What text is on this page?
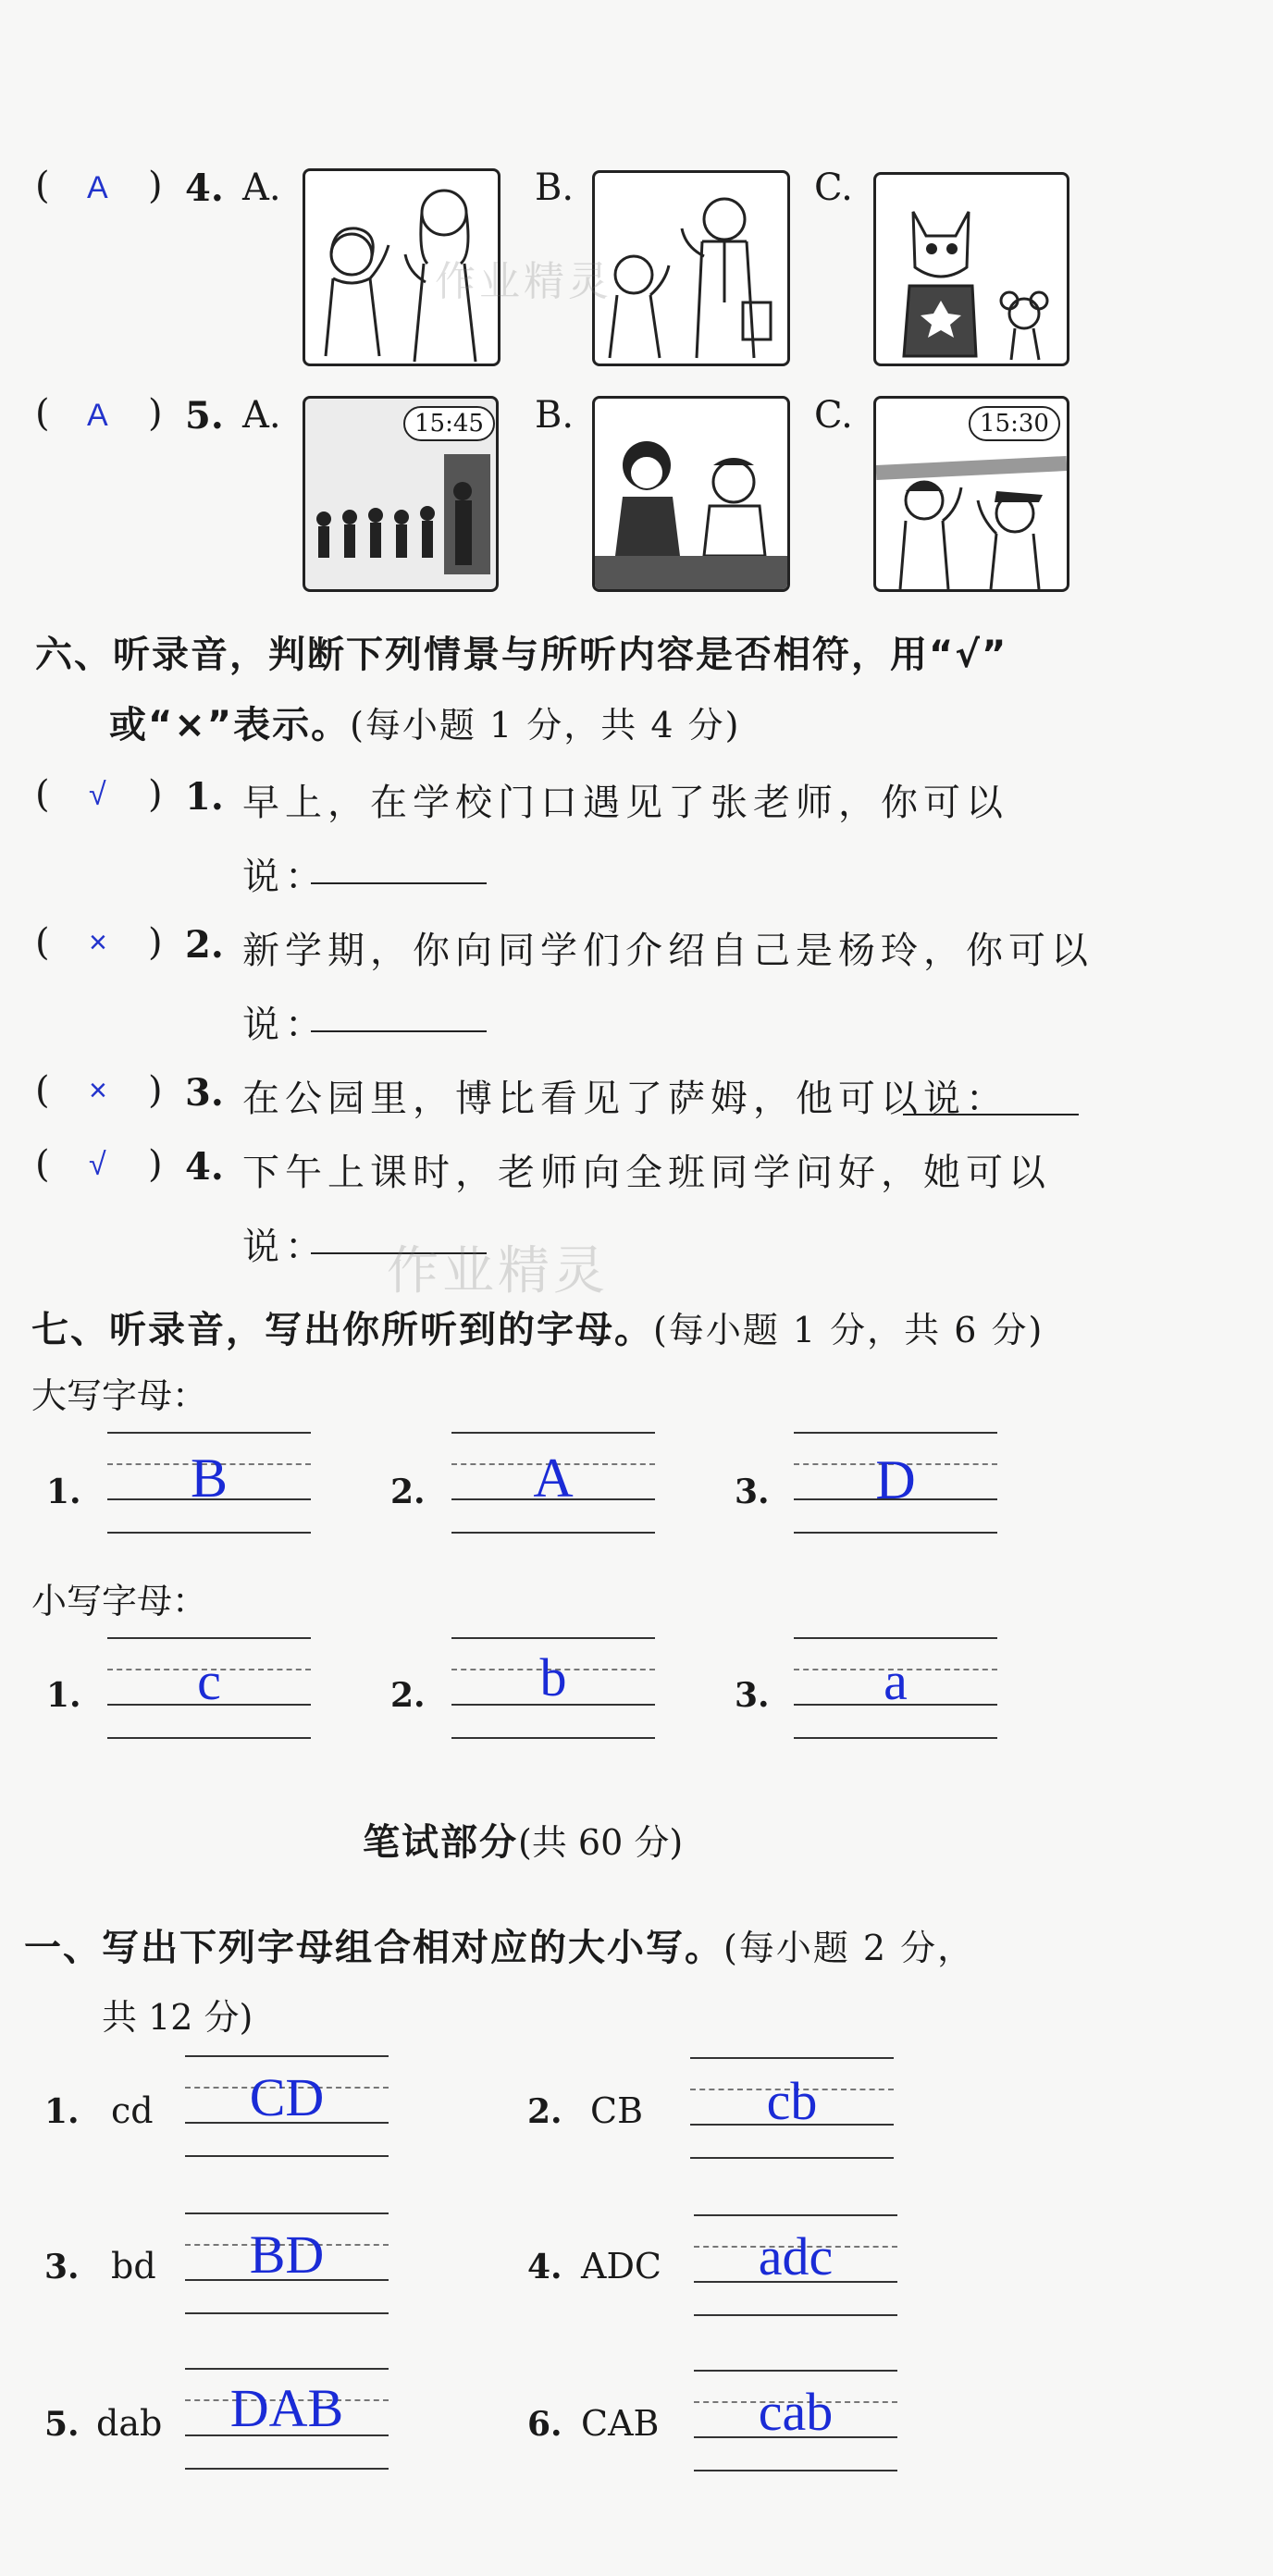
( A ) 4. A.	B.	C.
( A ) 5. A.	15:45	B.	C.	15:30
六、听录音，判断下列情景与所听内容是否相符，用“√”
或“×”表示。(每小题 1 分，共 4 分)
( √ ) 1. 早上，在学校门口遇见了张老师，你可以
说：
( × ) 2. 新学期，你向同学们介绍自己是杨玲，你可以
说：
( × ) 3. 在公园里，博比看见了萨姆，他可以说：
( √ ) 4. 下午上课时，老师向全班同学问好，她可以
说： 作业精灵
作业精灵
七、听录音，写出你所听到的字母。(每小题 1 分，共 6 分)
大写字母：
1.	B	2.	A	3.	D
小写字母：
1.	c	2.	b	3.	a
笔试部分(共 60 分)
一、写出下列字母组合相对应的大小写。(每小题 2 分，
共 12 分)
1. cd	CD	2. CB	cb
3. bd	BD	4. ADC	adc
5. dab	DAB	6. CAB	cab
